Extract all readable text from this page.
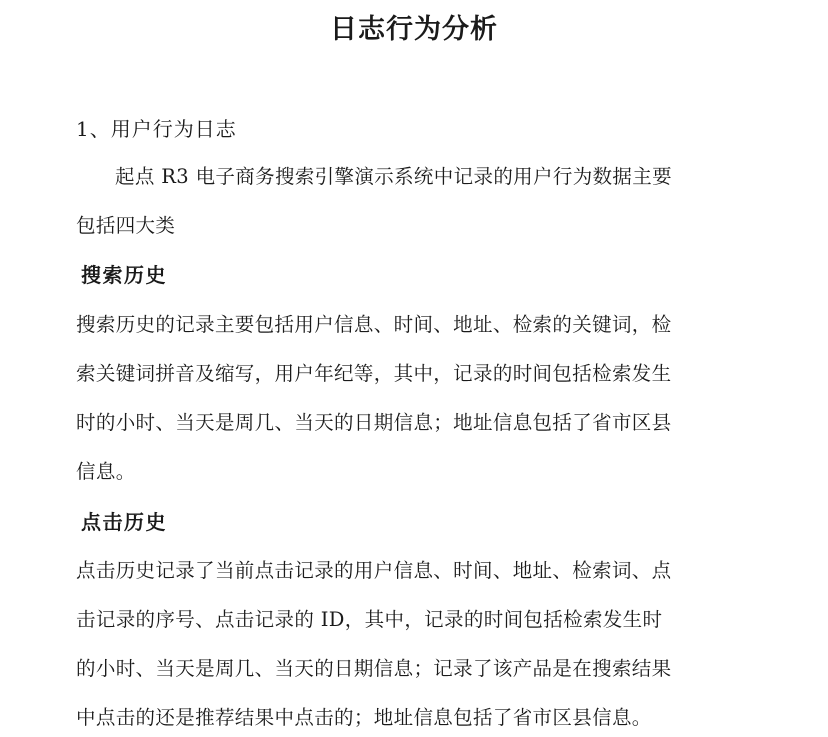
日志行为分析
1、用户行为日志
起点 R3 电子商务搜索引擎演示系统中记录的用户行为数据主要
包括四大类
搜索历史
搜索历史的记录主要包括用户信息、时间、地址、检索的关键词，检
索关键词拼音及缩写，用户年纪等，其中，记录的时间包括检索发生
时的小时、当天是周几、当天的日期信息；地址信息包括了省市区县
信息。
点击历史
点击历史记录了当前点击记录的用户信息、时间、地址、检索词、点
击记录的序号、点击记录的 ID，其中，记录的时间包括检索发生时
的小时、当天是周几、当天的日期信息；记录了该产品是在搜索结果
中点击的还是推荐结果中点击的；地址信息包括了省市区县信息。
